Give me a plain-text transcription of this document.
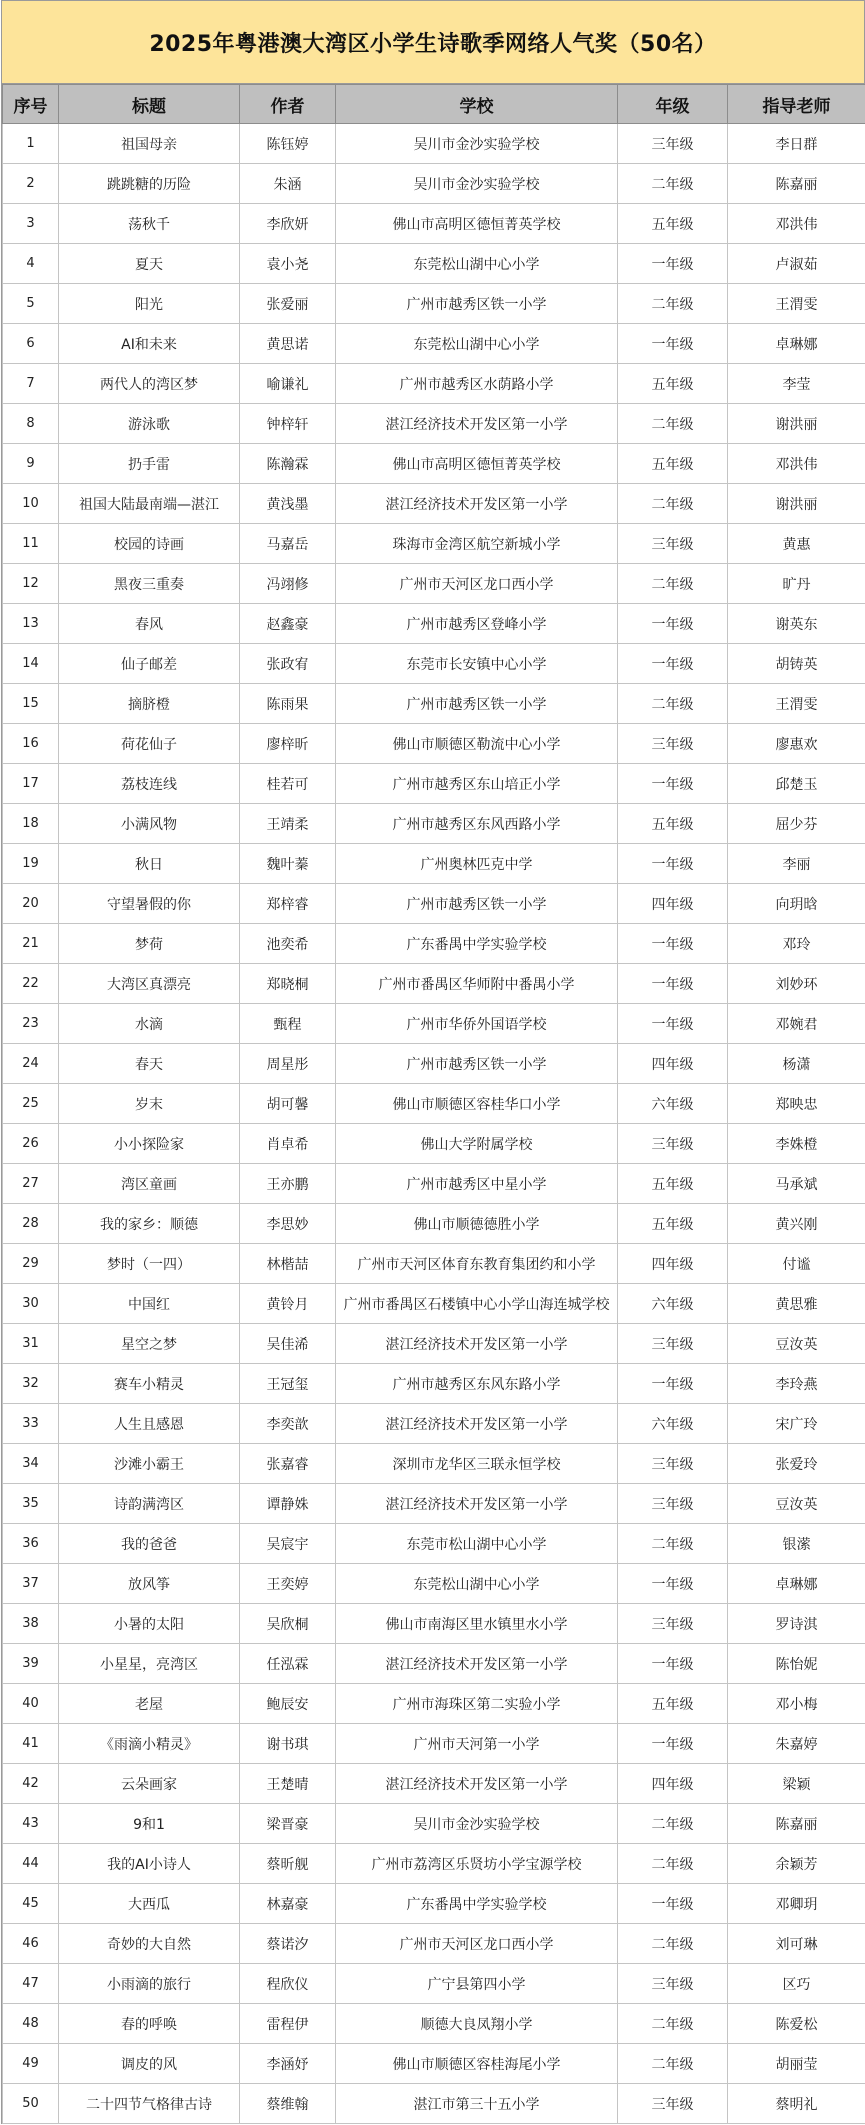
2025年粤港澳大湾区小学生诗歌季网络人气奖（50名）
序号	标题	作者	学校	年级	指导老师
1	祖国母亲	陈钰婷	吴川市金沙实验学校	三年级	李日群
2	跳跳糖的历险	朱涵	吴川市金沙实验学校	二年级	陈嘉丽
3	荡秋千	李欣妍	佛山市高明区德恒菁英学校	五年级	邓洪伟
4	夏天	袁小尧	东莞松山湖中心小学	一年级	卢淑茹
5	阳光	张爱丽	广州市越秀区铁一小学	二年级	王渭雯
6	AI和未来	黄思诺	东莞松山湖中心小学	一年级	卓琳娜
7	两代人的湾区梦	喻谦礼	广州市越秀区水荫路小学	五年级	李莹
8	游泳歌	钟梓轩	湛江经济技术开发区第一小学	二年级	谢洪丽
9	扔手雷	陈瀚霖	佛山市高明区德恒菁英学校	五年级	邓洪伟
10	祖国大陆最南端—湛江	黄浅墨	湛江经济技术开发区第一小学	二年级	谢洪丽
11	校园的诗画	马嘉岳	珠海市金湾区航空新城小学	三年级	黄惠
12	黑夜三重奏	冯翊修	广州市天河区龙口西小学	二年级	旷丹
13	春风	赵鑫豪	广州市越秀区登峰小学	一年级	谢英东
14	仙子邮差	张政宥	东莞市长安镇中心小学	一年级	胡铸英
15	摘脐橙	陈雨果	广州市越秀区铁一小学	二年级	王渭雯
16	荷花仙子	廖梓昕	佛山市顺德区勒流中心小学	三年级	廖惠欢
17	荔枝连线	桂若可	广州市越秀区东山培正小学	一年级	邱楚玉
18	小满风物	王靖柔	广州市越秀区东风西路小学	五年级	屈少芬
19	秋日	魏叶蓁	广州奥林匹克中学	一年级	李丽
20	守望暑假的你	郑梓睿	广州市越秀区铁一小学	四年级	向玥晗
21	梦荷	池奕希	广东番禺中学实验学校	一年级	邓玲
22	大湾区真漂亮	郑晓桐	广州市番禺区华师附中番禺小学	一年级	刘妙环
23	水滴	甄程	广州市华侨外国语学校	一年级	邓婉君
24	春天	周星彤	广州市越秀区铁一小学	四年级	杨潇
25	岁末	胡可馨	佛山市顺德区容桂华口小学	六年级	郑映忠
26	小小探险家	肖卓希	佛山大学附属学校	三年级	李姝橙
27	湾区童画	王亦鹏	广州市越秀区中星小学	五年级	马承斌
28	我的家乡：顺德	李思妙	佛山市顺德德胜小学	五年级	黄兴刚
29	梦时（一四）	林楷喆	广州市天河区体育东教育集团约和小学	四年级	付谧
30	中国红	黄铃月	广州市番禺区石楼镇中心小学山海连城学校	六年级	黄思雅
31	星空之梦	吴佳浠	湛江经济技术开发区第一小学	三年级	豆汝英
32	赛车小精灵	王冠玺	广州市越秀区东风东路小学	一年级	李玲燕
33	人生且感恩	李奕歆	湛江经济技术开发区第一小学	六年级	宋广玲
34	沙滩小霸王	张嘉睿	深圳市龙华区三联永恒学校	三年级	张爱玲
35	诗韵满湾区	谭静姝	湛江经济技术开发区第一小学	三年级	豆汝英
36	我的爸爸	吴宸宇	东莞市松山湖中心小学	二年级	银潆
37	放风筝	王奕婷	东莞松山湖中心小学	一年级	卓琳娜
38	小暑的太阳	吴欣桐	佛山市南海区里水镇里水小学	三年级	罗诗淇
39	小星星，亮湾区	任泓霖	湛江经济技术开发区第一小学	一年级	陈怡妮
40	老屋	鲍辰安	广州市海珠区第二实验小学	五年级	邓小梅
41	《雨滴小精灵》	谢书琪	广州市天河第一小学	一年级	朱嘉婷
42	云朵画家	王楚晴	湛江经济技术开发区第一小学	四年级	梁颖
43	9和1	梁晋豪	吴川市金沙实验学校	二年级	陈嘉丽
44	我的AI小诗人	蔡昕舰	广州市荔湾区乐贤坊小学宝源学校	二年级	余颖芳
45	大西瓜	林嘉豪	广东番禺中学实验学校	一年级	邓卿玥
46	奇妙的大自然	蔡诺汐	广州市天河区龙口西小学	二年级	刘可琳
47	小雨滴的旅行	程欣仪	广宁县第四小学	三年级	区巧
48	春的呼唤	雷程伊	顺德大良凤翔小学	二年级	陈爱松
49	调皮的风	李涵妤	佛山市顺德区容桂海尾小学	二年级	胡丽莹
50	二十四节气格律古诗	蔡维翰	湛江市第三十五小学	三年级	蔡明礼
